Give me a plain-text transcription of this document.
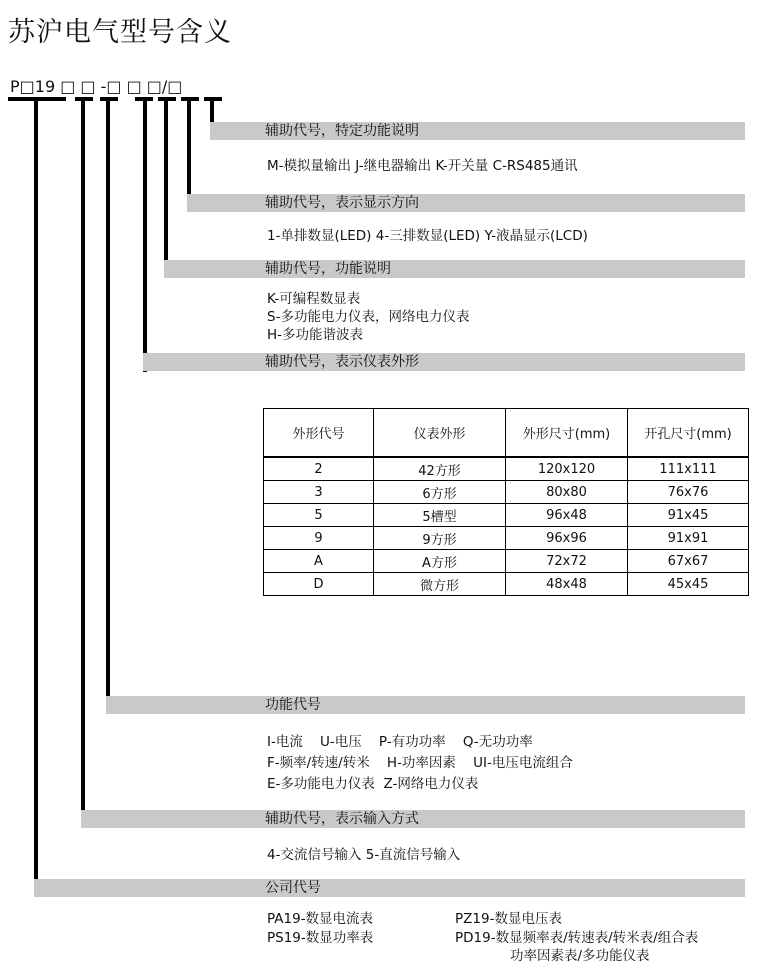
苏沪电气型号含义
P□19 □ □ -□ □ □/□
辅助代号，特定功能说明
辅助代号，表示显示方向
辅助代号，功能说明
辅助代号，表示仪表外形
功能代号
辅助代号，表示输入方式
公司代号
M-模拟量输出 J-继电器输出 K-开关量 C-RS485通讯
1-单排数显(LED) 4-三排数显(LED) Y-液晶显示(LCD)
K-可编程数显表
S-多功能电力仪表，网络电力仪表
H-多功能谐波表
外形代号	仪表外形	外形尺寸(mm)	开孔尺寸(mm)
2	42方形	120x120	111x111
3	6方形	80x80	76x76
5	5槽型	96x48	91x45
9	9方形	96x96	91x91
A	A方形	72x72	67x67
D	微方形	48x48	45x45
I-电流    U-电压    P-有功功率    Q-无功功率
F-频率/转速/转米    H-功率因素    UI-电压电流组合
E-多功能电力仪表  Z-网络电力仪表
4-交流信号输入 5-直流信号输入
PA19-数显电流表	PZ19-数显电压表
PS19-数显功率表	PD19-数显频率表/转速表/转米表/组合表
功率因素表/多功能仪表
